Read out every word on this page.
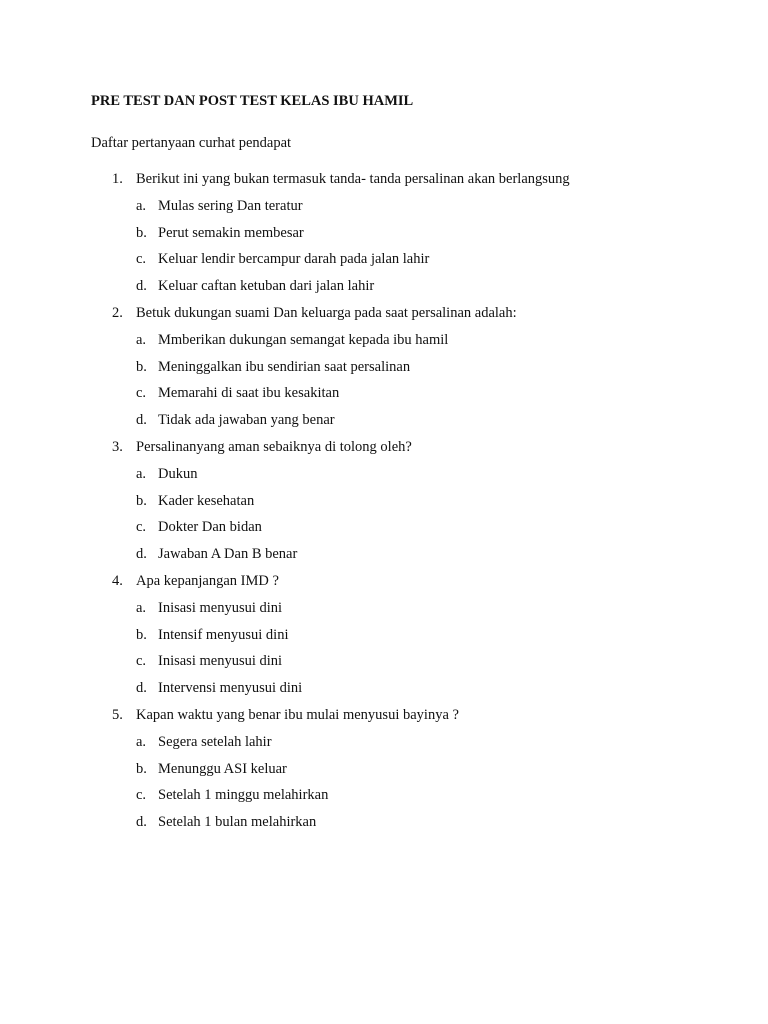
PRE TEST DAN POST TEST KELAS IBU HAMIL
Daftar pertanyaan curhat pendapat
1. Berikut ini yang bukan termasuk tanda- tanda persalinan akan berlangsung
a. Mulas sering Dan teratur
b. Perut semakin membesar
c. Keluar lendir bercampur darah pada jalan lahir
d. Keluar caftan ketuban dari jalan lahir
2. Betuk dukungan suami Dan keluarga pada saat persalinan adalah:
a. Mmberikan dukungan semangat kepada ibu hamil
b. Meninggalkan ibu sendirian saat persalinan
c. Memarahi di saat ibu kesakitan
d. Tidak ada jawaban yang benar
3. Persalinanyang aman sebaiknya di tolong oleh?
a. Dukun
b. Kader kesehatan
c. Dokter Dan bidan
d. Jawaban A Dan B benar
4. Apa kepanjangan IMD ?
a. Inisasi menyusui dini
b. Intensif menyusui dini
c. Inisasi menyusui dini
d. Intervensi menyusui dini
5. Kapan waktu yang benar ibu mulai menyusui bayinya ?
a. Segera setelah lahir
b. Menunggu ASI keluar
c. Setelah 1 minggu melahirkan
d. Setelah 1 bulan melahirkan
